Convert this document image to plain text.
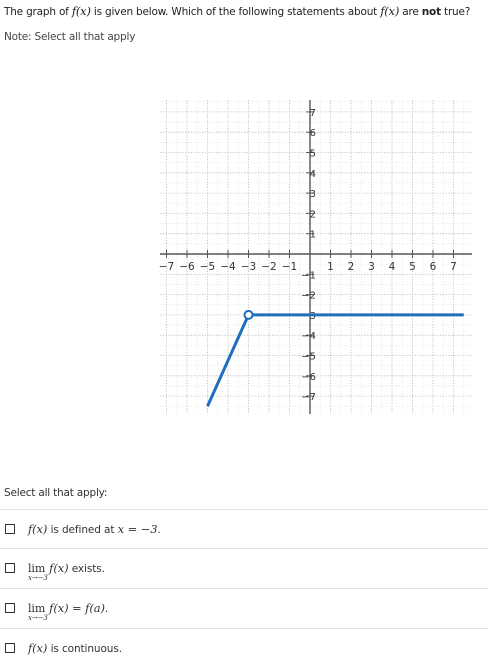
The graph of f(x) is given below. Which of the following statements about f(x) are not true?
Note: Select all that apply
−7 −6 −5 −4 −3 −2 −1	1 2 3 4 5 6 7
7
6
5
4
3
2
1
−1
−2
−3
−4
−5
−6
−7
Select all that apply:
f(x) is defined at x = −3.
lim
x→−3
f(x) exists.
lim
x→−3
f(x) = f(a).
f(x) is continuous.
